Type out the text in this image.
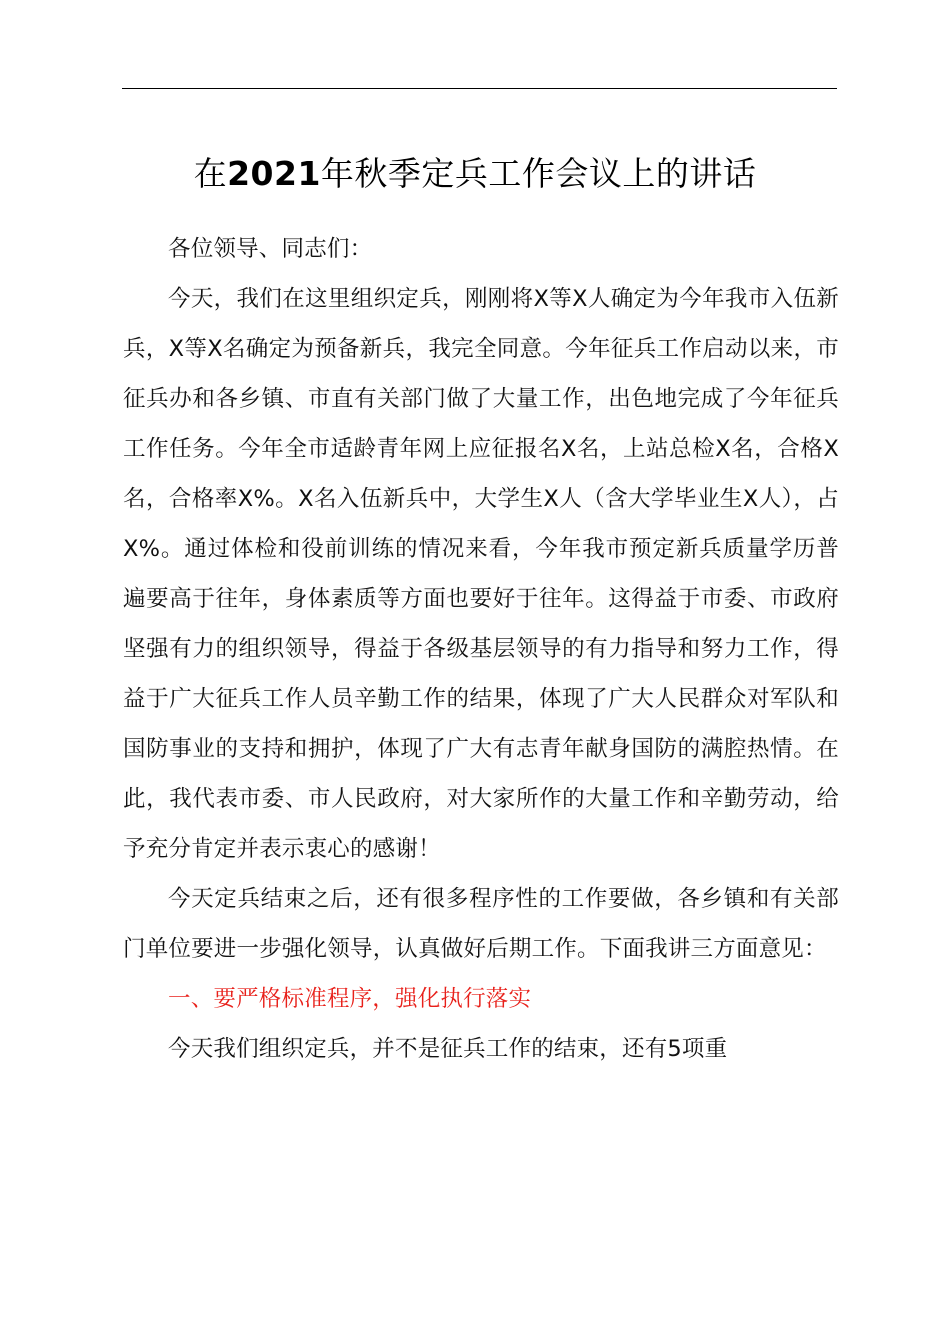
在2021年秋季定兵工作会议上的讲话

各位领导、同志们：

今天，我们在这里组织定兵，刚刚将X等X人确定为今年我市入伍新兵，X等X名确定为预备新兵，我完全同意。今年征兵工作启动以来，市征兵办和各乡镇、市直有关部门做了大量工作，出色地完成了今年征兵工作任务。今年全市适龄青年网上应征报名X名，上站总检X名，合格X名，合格率X%。X名入伍新兵中，大学生X人（含大学毕业生X人），占X%。通过体检和役前训练的情况来看，今年我市预定新兵质量学历普遍要高于往年，身体素质等方面也要好于往年。这得益于市委、市政府坚强有力的组织领导，得益于各级基层领导的有力指导和努力工作，得益于广大征兵工作人员辛勤工作的结果，体现了广大人民群众对军队和国防事业的支持和拥护，体现了广大有志青年献身国防的满腔热情。在此，我代表市委、市人民政府，对大家所作的大量工作和辛勤劳动，给予充分肯定并表示衷心的感谢！

今天定兵结束之后，还有很多程序性的工作要做，各乡镇和有关部门单位要进一步强化领导，认真做好后期工作。下面我讲三方面意见：

一、要严格标准程序，强化执行落实

今天我们组织定兵，并不是征兵工作的结束，还有5项重
